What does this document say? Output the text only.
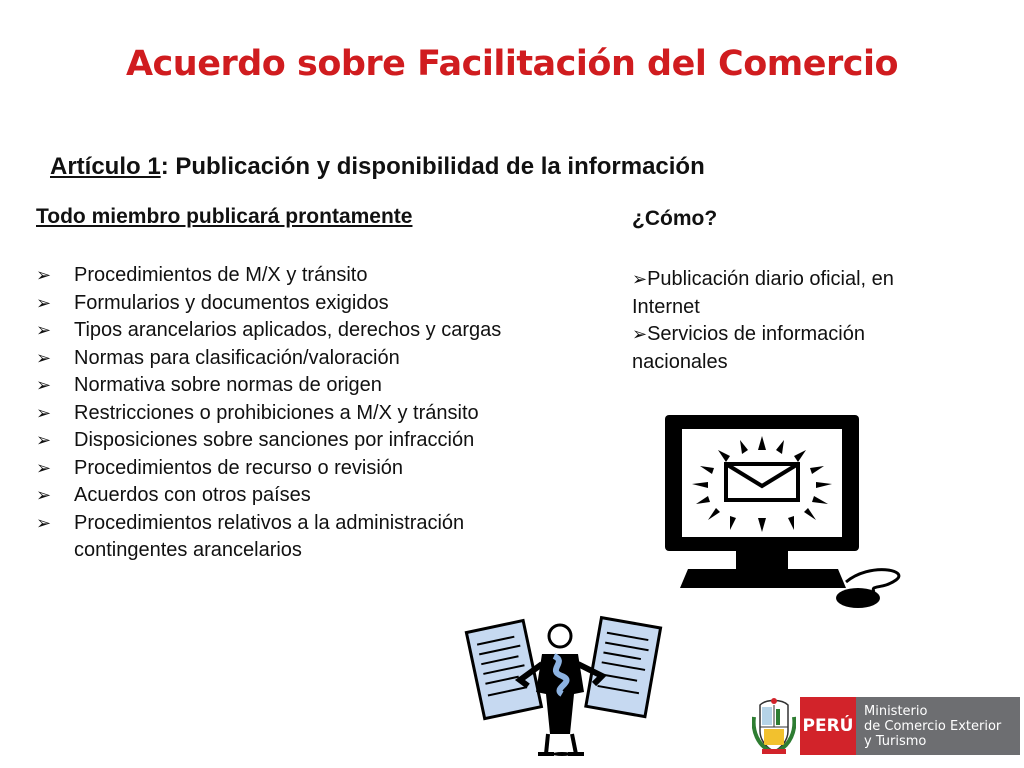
Acuerdo sobre Facilitación del Comercio
Artículo 1: Publicación y disponibilidad de la información
Todo miembro publicará prontamente
➢ Procedimientos de M/X y tránsito
➢ Formularios y documentos exigidos
➢ Tipos arancelarios aplicados, derechos y cargas
➢ Normas para clasificación/valoración
➢ Normativa sobre normas de origen
➢ Restricciones o prohibiciones a M/X y tránsito
➢ Disposiciones sobre sanciones por infracción
➢ Procedimientos de recurso o revisión
➢ Acuerdos con otros países
➢ Procedimientos relativos a la administración contingentes arancelarios
¿Cómo?
➢Publicación diario oficial, en Internet
➢Servicios de información nacionales
PERÚ
Ministerio
de Comercio Exterior
y Turismo
